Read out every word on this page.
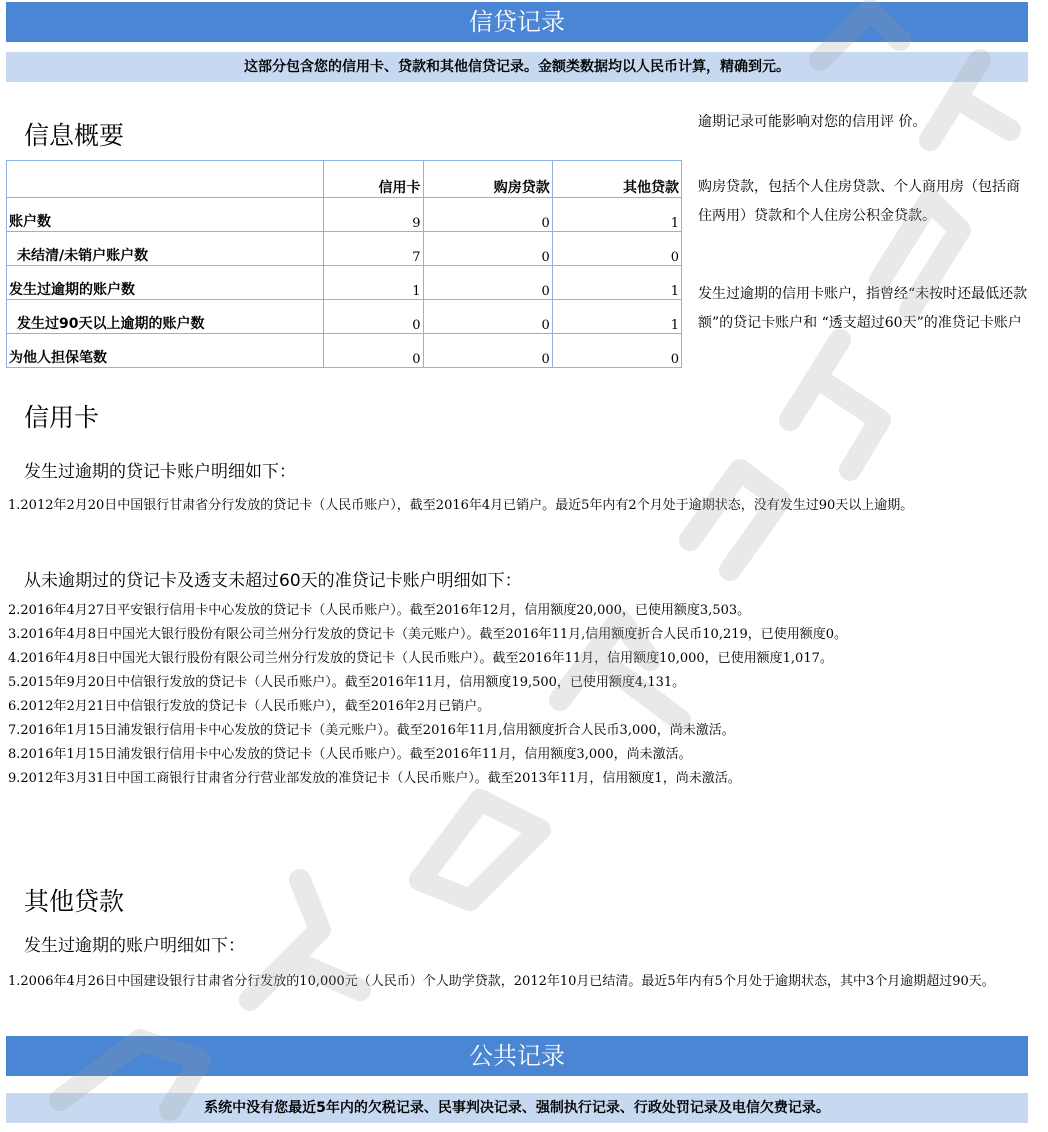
信贷记录
这部分包含您的信用卡、贷款和其他信贷记录。金额类数据均以人民币计算，精确到元。
信息概要	逾期记录可能影响对您的信用评 价。
购房贷款，包括个人住房贷款、个人商用房（包括商住两用）贷款和个人住房公积金贷款。
发生过逾期的信用卡账户，指曾经“未按时还最低还款额”的贷记卡账户和 “透支超过60天”的准贷记卡账户
	信用卡	购房贷款	其他贷款
账户数	9	0	1
未结清/未销户账户数	7	0	0
发生过逾期的账户数	1	0	1
发生过90天以上逾期的账户数	0	0	1
为他人担保笔数	0	0	0
信用卡
发生过逾期的贷记卡账户明细如下：
1.2012年2月20日中国银行甘肃省分行发放的贷记卡（人民币账户），截至2016年4月已销户。最近5年内有2个月处于逾期状态，没有发生过90天以上逾期。
从未逾期过的贷记卡及透支未超过60天的准贷记卡账户明细如下：
2.2016年4月27日平安银行信用卡中心发放的贷记卡（人民币账户）。截至2016年12月，信用额度20,000，已使用额度3,503。
3.2016年4月8日中国光大银行股份有限公司兰州分行发放的贷记卡（美元账户）。截至2016年11月,信用额度折合人民币10,219，已使用额度0。
4.2016年4月8日中国光大银行股份有限公司兰州分行发放的贷记卡（人民币账户）。截至2016年11月，信用额度10,000，已使用额度1,017。
5.2015年9月20日中信银行发放的贷记卡（人民币账户）。截至2016年11月，信用额度19,500，已使用额度4,131。
6.2012年2月21日中信银行发放的贷记卡（人民币账户），截至2016年2月已销户。
7.2016年1月15日浦发银行信用卡中心发放的贷记卡（美元账户）。截至2016年11月,信用额度折合人民币3,000，尚未激活。
8.2016年1月15日浦发银行信用卡中心发放的贷记卡（人民币账户）。截至2016年11月，信用额度3,000，尚未激活。
9.2012年3月31日中国工商银行甘肃省分行营业部发放的准贷记卡（人民币账户）。截至2013年11月，信用额度1，尚未激活。
其他贷款
发生过逾期的账户明细如下：
1.2006年4月26日中国建设银行甘肃省分行发放的10,000元（人民币）个人助学贷款，2012年10月已结清。最近5年内有5个月处于逾期状态，其中3个月逾期超过90天。
公共记录
系统中没有您最近5年内的欠税记录、民事判决记录、强制执行记录、行政处罚记录及电信欠费记录。
